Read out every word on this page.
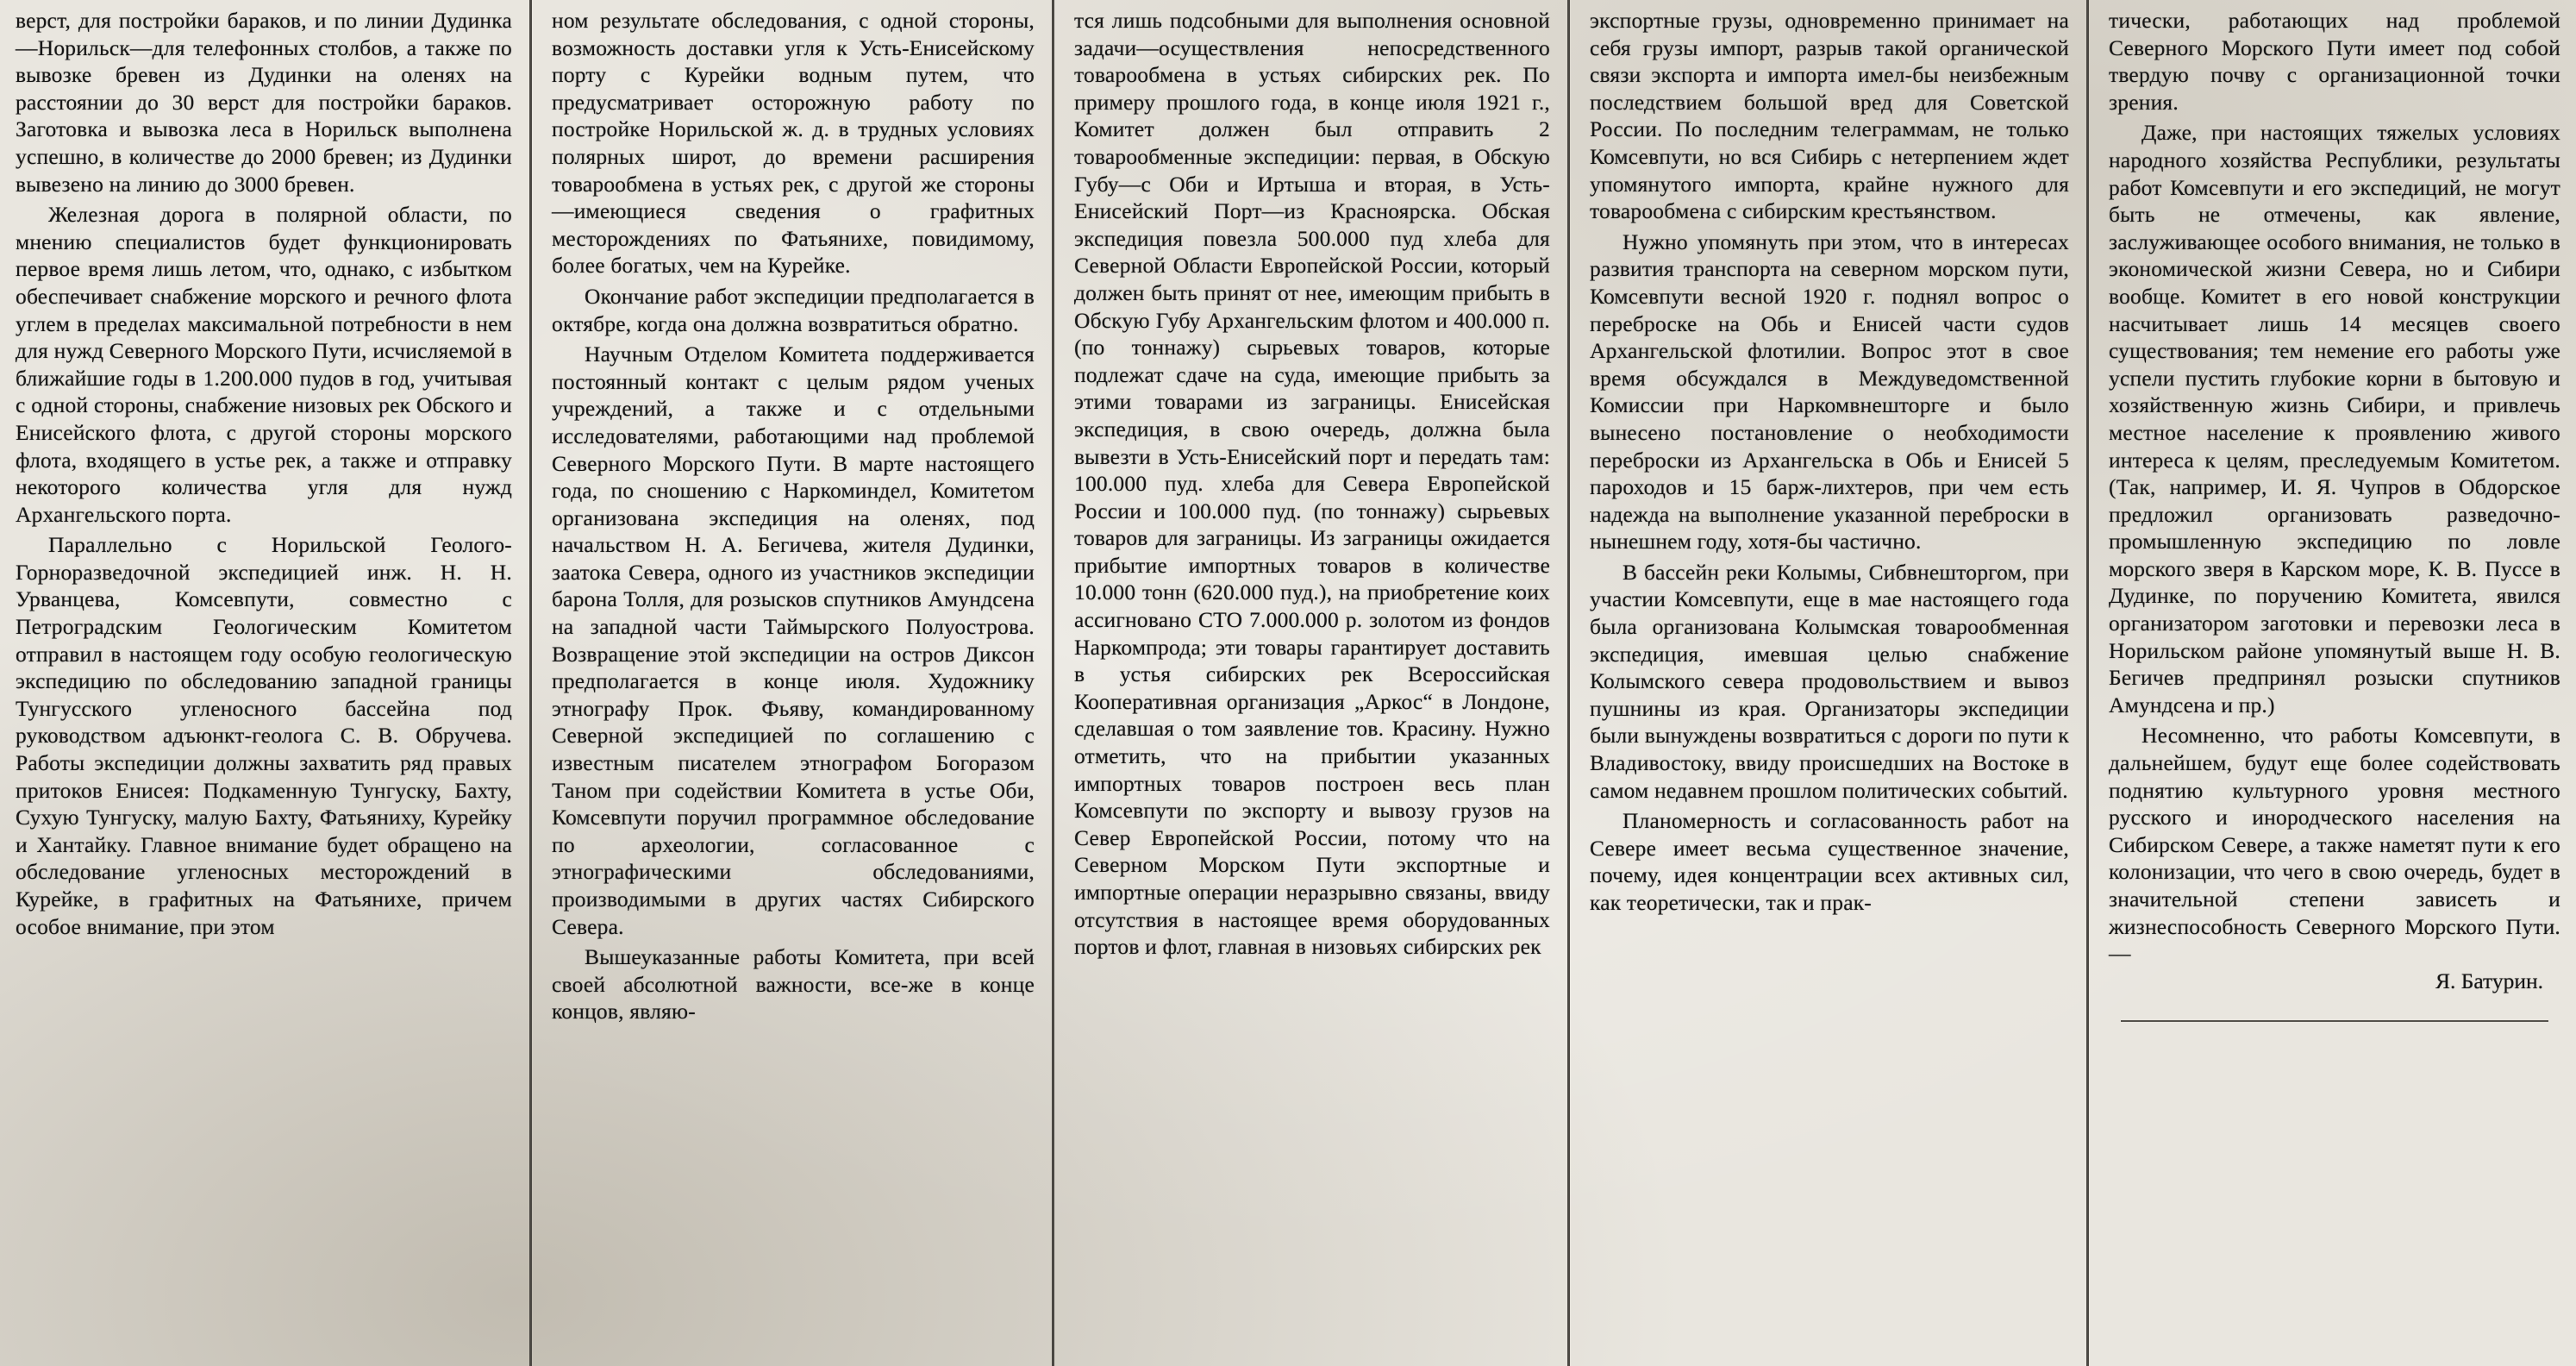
верст, для постройки бараков, и по линии Дудинка—Норильск—для телефонных столбов, а также по вывозке бревен из Дудинки на оленях на расстоянии до 30 верст для постройки бараков. Заготовка и вывозка леса в Норильск выполнена успешно, в количестве до 2000 бревен; из Дудинки вывезено на линию до 3000 бревен.

Железная дорога в полярной области, по мнению специалистов будет функционировать первое время лишь летом, что, однако, с избытком обеспечивает снабжение морского и речного флота углем в пределах максимальной потребности в нем для нужд Северного Морского Пути, исчисляемой в ближайшие годы в 1.200.000 пудов в год, учитывая с одной стороны, снабжение низовых рек Обского и Енисейского флота, с другой стороны морского флота, входящего в устье рек, а также и отправку некоторого количества угля для нужд Архангельского порта.

Параллельно с Норильской Геолого-Горноразведочной экспедицией инж. Н. Н. Урванцева, Комсевпути, совместно с Петроградским Геологическим Комитетом отправил в настоящем году особую геологическую экспедицию по обследованию западной границы Тунгусского угленосного бассейна под руководством адъюнкт-геолога С. В. Обручева. Работы экспедиции должны захватить ряд правых притоков Енисея: Подкаменную Тунгуску, Бахту, Сухую Тунгуску, малую Бахту, Фатьяниху, Курейку и Хантайку. Главное внимание будет обращено на обследование угленосных месторождений в Курейке, в графитных на Фатьянихе, причем особое внимание, при этом

ном результате обследования, с одной стороны, возможность доставки угля к Усть-Енисейскому порту с Курейки водным путем, что предусматривает осторожную работу по постройке Норильской ж. д. в трудных условиях полярных широт, до времени расширения товарообмена в устьях рек, с другой же стороны—имеющиеся сведения о графитных месторождениях по Фатьянихе, повидимому, более богатых, чем на Курейке.

Окончание работ экспедиции предполагается в октябре, когда она должна возвратиться обратно.

Научным Отделом Комитета поддерживается постоянный контакт с целым рядом ученых учреждений, а также и с отдельными исследователями, работающими над проблемой Северного Морского Пути. В марте настоящего года, по сношению с Наркоминдел, Комитетом организована экспедиция на оленях, под начальством Н. А. Бегичева, жителя Дудинки, заатока Севера, одного из участников экспедиции барона Толля, для розысков спутников Амундсена на западной части Таймырского Полуострова. Возвращение этой экспедиции на остров Диксон предполагается в конце июля. Художнику этнографу Прок. Фьяву, командированному Северной экспедицией по соглашению с известным писателем этнографом Богоразом Таном при содействии Комитета в устье Оби, Комсевпути поручил программное обследование по археологии, согласованное с этнографическими обследованиями, производимыми в других частях Сибирского Севера.

Вышеуказанные работы Комитета, при всей своей абсолютной важности, все-же в конце концов, являю-

тся лишь подсобными для выполнения основной задачи—осуществления непосредственного товарообмена в устьях сибирских рек. По примеру прошлого года, в конце июля 1921 г., Комитет должен был отправить 2 товарообменные экспедиции: первая, в Обскую Губу—с Оби и Иртыша и вторая, в Усть-Енисейский Порт—из Красноярска. Обская экспедиция повезла 500.000 пуд хлеба для Северной Области Европейской России, который должен быть принят от нее, имеющим прибыть в Обскую Губу Архангельским флотом и 400.000 п. (по тоннажу) сырьевых товаров, которые подлежат сдаче на суда, имеющие прибыть за этими товарами из заграницы. Енисейская экспедиция, в свою очередь, должна была вывезти в Усть-Енисейский порт и передать там: 100.000 пуд. хлеба для Севера Европейской России и 100.000 пуд. (по тоннажу) сырьевых товаров для заграницы. Из заграницы ожидается прибытие импортных товаров в количестве 10.000 тонн (620.000 пуд.), на приобретение коих ассигновано СТО 7.000.000 р. золотом из фондов Наркомпрода; эти товары гарантирует доставить в устья сибирских рек Всероссийская Кооперативная организация „Аркос“ в Лондоне, сделавшая о том заявление тов. Красину. Нужно отметить, что на прибытии указанных импортных товаров построен весь план Комсевпути по экспорту и вывозу грузов на Север Европейской России, потому что на Северном Морском Пути экспортные и импортные операции неразрывно связаны, ввиду отсутствия в настоящее время оборудованных портов и флот, главная в низовьях сибирских рек

экспортные грузы, одновременно принимает на себя грузы импорт, разрыв такой органической связи экспорта и импорта имел-бы неизбежным последствием большой вред для Советской России. По последним телеграммам, не только Комсевпути, но вся Сибирь с нетерпением ждет упомянутого импорта, крайне нужного для товарообмена с сибирским крестьянством.

Нужно упомянуть при этом, что в интересах развития транспорта на северном морском пути, Комсевпути весной 1920 г. поднял вопрос о переброске на Обь и Енисей части судов Архангельской флотилии. Вопрос этот в свое время обсуждался в Междуведомственной Комиссии при Наркомвнешторге и было вынесено постановление о необходимости переброски из Архангельска в Обь и Енисей 5 пароходов и 15 барж-лихтеров, при чем есть надежда на выполнение указанной переброски в нынешнем году, хотя-бы частично.

В бассейн реки Колымы, Сибвнешторгом, при участии Комсевпути, еще в мае настоящего года была организована Колымская товарообменная экспедиция, имевшая целью снабжение Колымского севера продовольствием и вывоз пушнины из края. Организаторы экспедиции были вынуждены возвратиться с дороги по пути к Владивостоку, ввиду происшедших на Востоке в самом недавнем прошлом политических событий.

Планомерность и согласованность работ на Севере имеет весьма существенное значение, почему, идея концентрации всех активных сил, как теоретически, так и прак-

тически, работающих над проблемой Северного Морского Пути имеет под собой твердую почву с организационной точки зрения.

Даже, при настоящих тяжелых условиях народного хозяйства Республики, результаты работ Комсевпути и его экспедиций, не могут быть не отмечены, как явление, заслуживающее особого внимания, не только в экономической жизни Севера, но и Сибири вообще. Комитет в его новой конструкции насчитывает лишь 14 месяцев своего существования; тем немение его работы уже успели пустить глубокие корни в бытовую и хозяйственную жизнь Сибири, и привлечь местное население к проявлению живого интереса к целям, преследуемым Комитетом. (Так, например, И. Я. Чупров в Обдорское предложил организовать разведочно-промышленную экспедицию по ловле морского зверя в Карском море, К. В. Пуссе в Дудинке, по поручению Комитета, явился организатором заготовки и перевозки леса в Норильском районе упомянутый выше Н. В. Бегичев предпринял розыски спутников Амундсена и пр.)

Несомненно, что работы Комсевпути, в дальнейшем, будут еще более содействовать поднятию культурного уровня местного русского и инородческого населения на Сибирском Севере, а также наметят пути к его колонизации, что чего в свою очередь, будет в значительной степени зависеть и жизнеспособность Северного Морского Пути.—

Я. Батурин.
